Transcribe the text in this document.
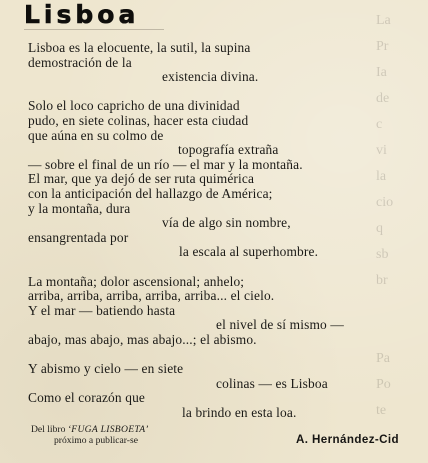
La
Pr
Ia
de
c
vi
la
cio
q
sb
br

Pa
Po
te
Lisboa
Lisboa es la elocuente, la sutil, la supina
demostración de la
existencia divina.
Solo el loco capricho de una divinidad
pudo, en siete colinas, hacer esta ciudad
que aúna en su colmo de
topografía extraña
— sobre el final de un río — el mar y la montaña.
El mar, que ya dejó de ser ruta quimérica
con la anticipación del hallazgo de América;
y la montaña, dura
vía de algo sin nombre,
ensangrentada por
la escala al superhombre.
La montaña; dolor ascensional; anhelo;
arriba, arriba, arriba, arriba, arriba... el cielo.
Y el mar — batiendo hasta
el nivel de sí mismo —
abajo, mas abajo, mas abajo...; el abismo.
Y abismo y cielo — en siete
colinas — es Lisboa
Como el corazón que
la brindo en esta loa.
Del libro ‘FUGA LISBOETA’
próximo a publicar-se	A. Hernández-Cid
